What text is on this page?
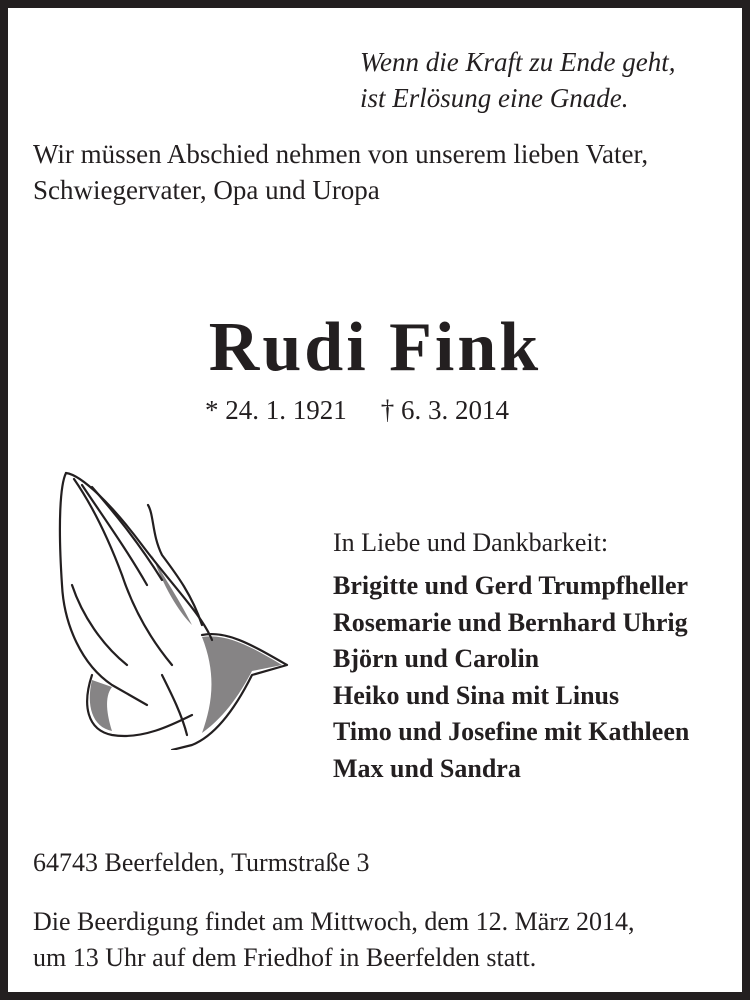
Wenn die Kraft zu Ende geht,
ist Erlösung eine Gnade.
Wir müssen Abschied nehmen von unserem lieben Vater,
Schwiegervater, Opa und Uropa
Rudi Fink
* 24. 1. 1921 † 6. 3. 2014
In Liebe und Dankbarkeit:
Brigitte und Gerd Trumpfheller
Rosemarie und Bernhard Uhrig
Björn und Carolin
Heiko und Sina mit Linus
Timo und Josefine mit Kathleen
Max und Sandra
64743 Beerfelden, Turmstraße 3
Die Beerdigung findet am Mittwoch, dem 12. März 2014,
um 13 Uhr auf dem Friedhof in Beerfelden statt.
